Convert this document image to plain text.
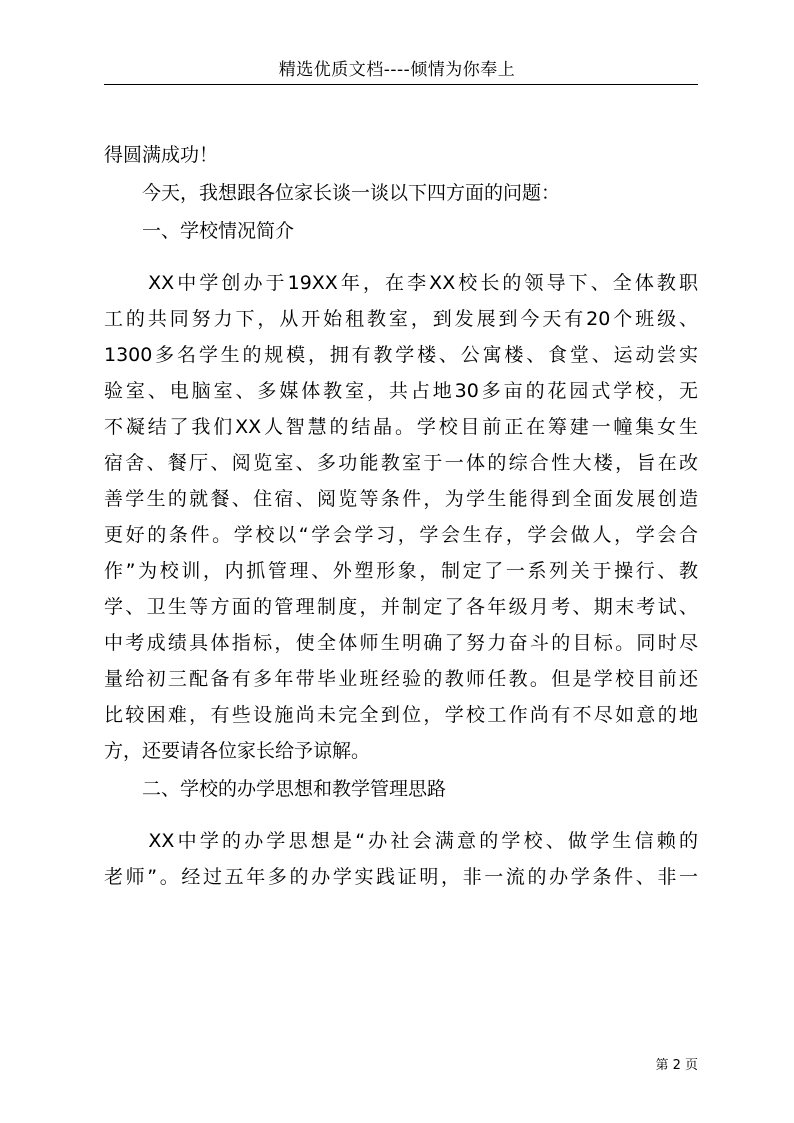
精选优质文档----倾情为你奉上
得圆满成功！
　　今天，我想跟各位家长谈一谈以下四方面的问题：
　　一、学校情况简介
　　XX中学创办于19XX年，在李XX校长的领导下、全体教职
工的共同努力下，从开始租教室，到发展到今天有20个班级、
1300多名学生的规模，拥有教学楼、公寓楼、食堂、运动尝实
验室、电脑室、多媒体教室，共占地30多亩的花园式学校，无
不凝结了我们XX人智慧的结晶。学校目前正在筹建一幢集女生
宿舍、餐厅、阅览室、多功能教室于一体的综合性大楼，旨在改
善学生的就餐、住宿、阅览等条件，为学生能得到全面发展创造
更好的条件。学校以“学会学习，学会生存，学会做人，学会合
作”为校训，内抓管理、外塑形象，制定了一系列关于操行、教
学、卫生等方面的管理制度，并制定了各年级月考、期末考试、
中考成绩具体指标，使全体师生明确了努力奋斗的目标。同时尽
量给初三配备有多年带毕业班经验的教师任教。但是学校目前还
比较困难，有些设施尚未完全到位，学校工作尚有不尽如意的地
方，还要请各位家长给予谅解。
　　二、学校的办学思想和教学管理思路
　　XX中学的办学思想是“办社会满意的学校、做学生信赖的
老师”。经过五年多的办学实践证明，非一流的办学条件、非一
第 2 页
